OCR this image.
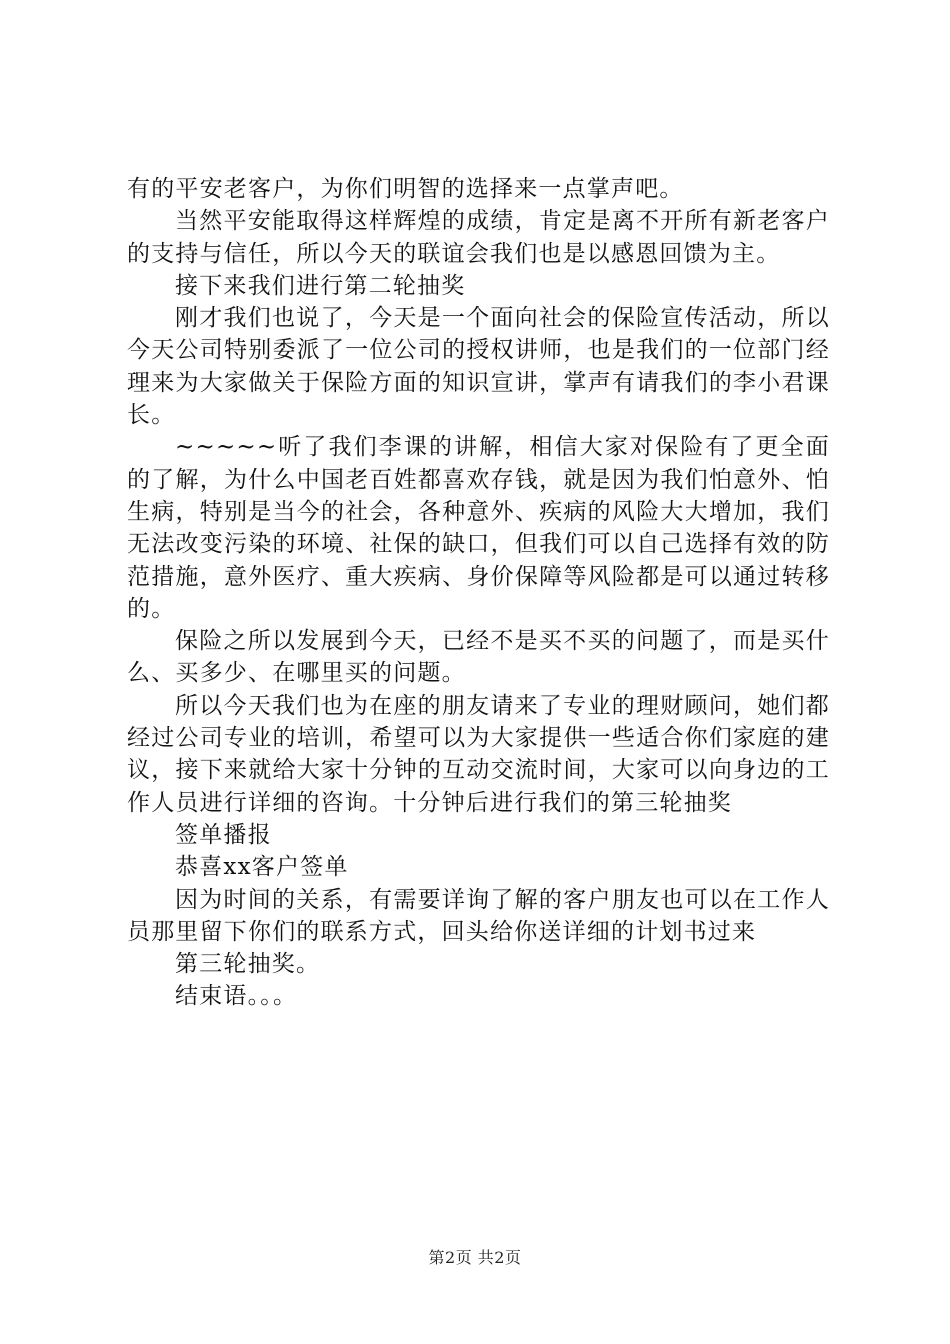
有的平安老客户，为你们明智的选择来一点掌声吧。

当然平安能取得这样辉煌的成绩，肯定是离不开所有新老客户的支持与信任，所以今天的联谊会我们也是以感恩回馈为主。

接下来我们进行第二轮抽奖

刚才我们也说了，今天是一个面向社会的保险宣传活动，所以今天公司特别委派了一位公司的授权讲师，也是我们的一位部门经理来为大家做关于保险方面的知识宣讲，掌声有请我们的李小君课长。

~~~~~听了我们李课的讲解，相信大家对保险有了更全面的了解，为什么中国老百姓都喜欢存钱，就是因为我们怕意外、怕生病，特别是当今的社会，各种意外、疾病的风险大大增加，我们无法改变污染的环境、社保的缺口，但我们可以自己选择有效的防范措施，意外医疗、重大疾病、身价保障等风险都是可以通过转移的。

保险之所以发展到今天，已经不是买不买的问题了，而是买什么、买多少、在哪里买的问题。

所以今天我们也为在座的朋友请来了专业的理财顾问，她们都经过公司专业的培训，希望可以为大家提供一些适合你们家庭的建议，接下来就给大家十分钟的互动交流时间，大家可以向身边的工作人员进行详细的咨询。十分钟后进行我们的第三轮抽奖

签单播报

恭喜xx客户签单

因为时间的关系，有需要详询了解的客户朋友也可以在工作人员那里留下你们的联系方式，回头给你送详细的计划书过来

第三轮抽奖。

结束语。。。

第2页 共2页
